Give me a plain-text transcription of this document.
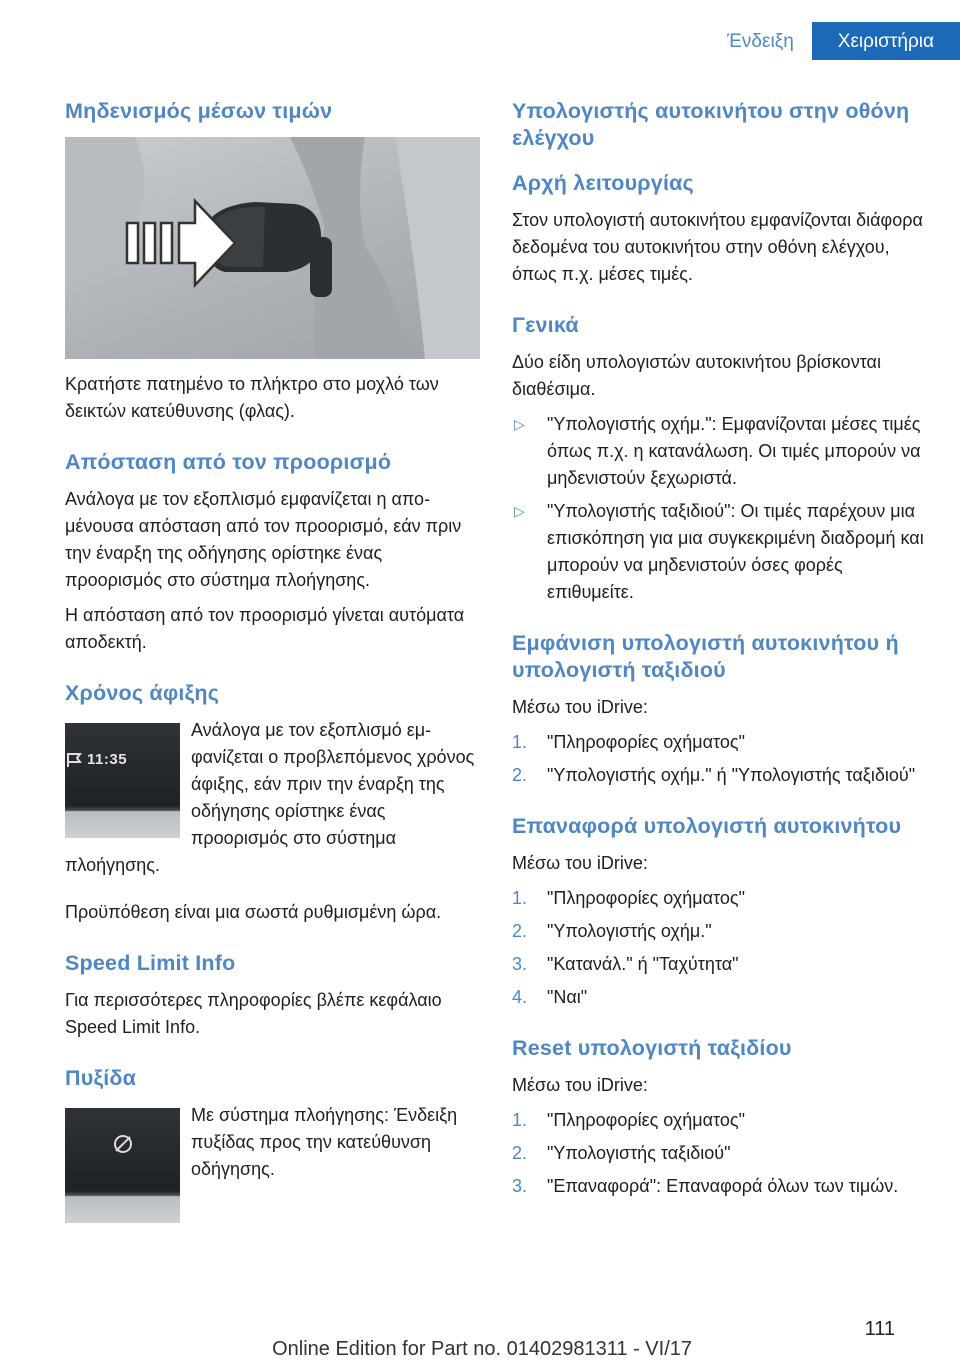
Ένδειξη	Χειριστήρια
Μηδενισμός μέσων τιμών

Κρατήστε πατημένο το πλήκτρο στο μοχλό των δεικτών κατεύθυνσης (φλας).

Απόσταση από τον προορισμό

Ανάλογα με τον εξοπλισμό εμφανίζεται η απομένουσα απόσταση από τον προορισμό, εάν πριν την έναρξη της οδήγησης ορίστηκε ένας προορισμός στο σύστημα πλοήγησης.

Η απόσταση από τον προορισμό γίνεται αυτόματα αποδεκτή.

Χρόνος άφιξης
11:35

Ανάλογα με τον εξοπλισμό εμφανίζεται ο προβλεπόμενος χρόνος άφιξης, εάν πριν την έναρξη της οδήγησης ορίστηκε ένας προορισμός στο σύστημα πλοήγησης.

Προϋπόθεση είναι μια σωστά ρυθμισμένη ώρα.

Speed Limit Info

Για περισσότερες πληροφορίες βλέπε κεφάλαιο Speed Limit Info.

Πυξίδα

Με σύστημα πλοήγησης: Ένδειξη πυξίδας προς την κατεύθυνση οδήγησης.

Υπολογιστής αυτοκινήτου στην οθόνη ελέγχου
Αρχή λειτουργίας

Στον υπολογιστή αυτοκινήτου εμφανίζονται διάφορα δεδομένα του αυτοκινήτου στην οθόνη ελέγχου, όπως π.χ. μέσες τιμές.

Γενικά

Δύο είδη υπολογιστών αυτοκινήτου βρίσκονται διαθέσιμα.

▷ "Υπολογιστής οχήμ.": Εμφανίζονται μέσες τιμές όπως π.χ. η κατανάλωση. Οι τιμές μπορούν να μηδενιστούν ξεχωριστά.
▷ "Υπολογιστής ταξιδιού": Οι τιμές παρέχουν μια επισκόπηση για μια συγκεκριμένη διαδρομή και μπορούν να μηδενιστούν όσες φορές επιθυμείτε.
Εμφάνιση υπολογιστή αυτοκινήτου ή υπολογιστή ταξιδιού

Μέσω του iDrive:

1. "Πληροφορίες οχήματος"
2. "Υπολογιστής οχήμ." ή "Υπολογιστής ταξιδιού"
Επαναφορά υπολογιστή αυτοκινήτου

Μέσω του iDrive:

1. "Πληροφορίες οχήματος"
2. "Υπολογιστής οχήμ."
3. "Κατανάλ." ή "Ταχύτητα"
4. "Ναι"
Reset υπολογιστή ταξιδίου

Μέσω του iDrive:

1. "Πληροφορίες οχήματος"
2. "Υπολογιστής ταξιδιού"
3. "Επαναφορά": Επαναφορά όλων των τιμών.
111
Online Edition for Part no. 01402981311 - VI/17
